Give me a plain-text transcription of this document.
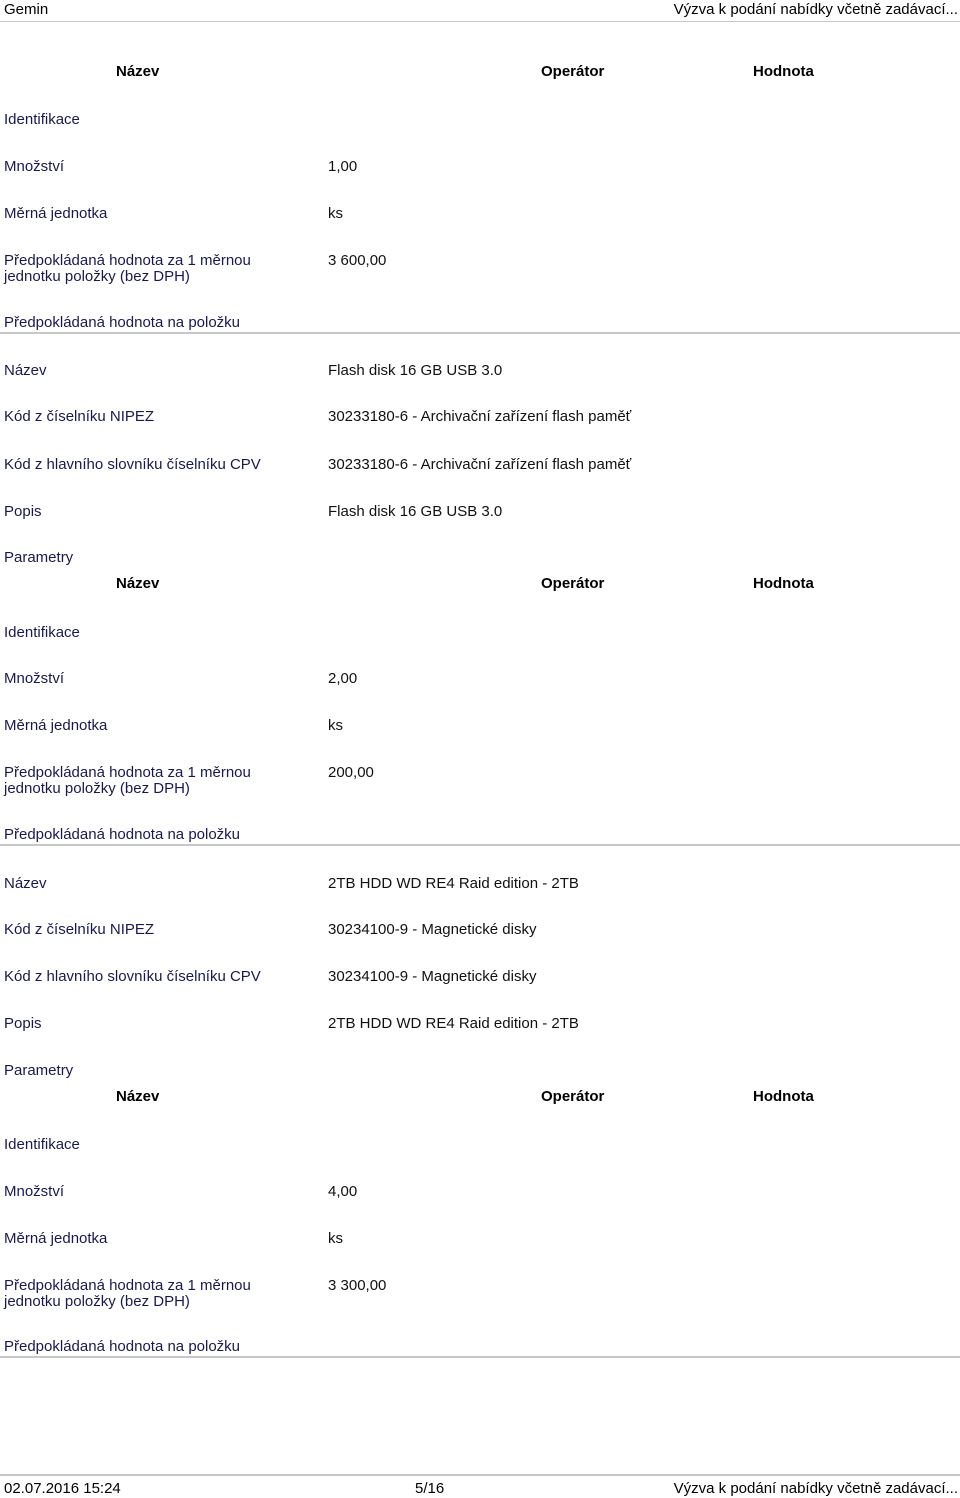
Gemin	Výzva k podání nabídky včetně zadávací...
Název	Operátor	Hodnota
Identifikace
Množství	1,00
Měrná jednotka	ks
Předpokládaná hodnota za 1 měrnou
jednotku položky (bez DPH)
3 600,00
Předpokládaná hodnota na položku
Název	Flash disk 16 GB USB 3.0
Kód z číselníku NIPEZ	30233180-6 - Archivační zařízení flash paměť
Kód z hlavního slovníku číselníku CPV	30233180-6 - Archivační zařízení flash paměť
Popis	Flash disk 16 GB USB 3.0
Parametry
Název	Operátor	Hodnota
Identifikace
Množství	2,00
Měrná jednotka	ks
Předpokládaná hodnota za 1 měrnou
jednotku položky (bez DPH)
200,00
Předpokládaná hodnota na položku
Název	2TB HDD WD RE4 Raid edition - 2TB
Kód z číselníku NIPEZ	30234100-9 - Magnetické disky
Kód z hlavního slovníku číselníku CPV	30234100-9 - Magnetické disky
Popis	2TB HDD WD RE4 Raid edition - 2TB
Parametry
Název	Operátor	Hodnota
Identifikace
Množství	4,00
Měrná jednotka	ks
Předpokládaná hodnota za 1 měrnou
jednotku položky (bez DPH)
3 300,00
Předpokládaná hodnota na položku
02.07.2016 15:24	5/16	Výzva k podání nabídky včetně zadávací...
